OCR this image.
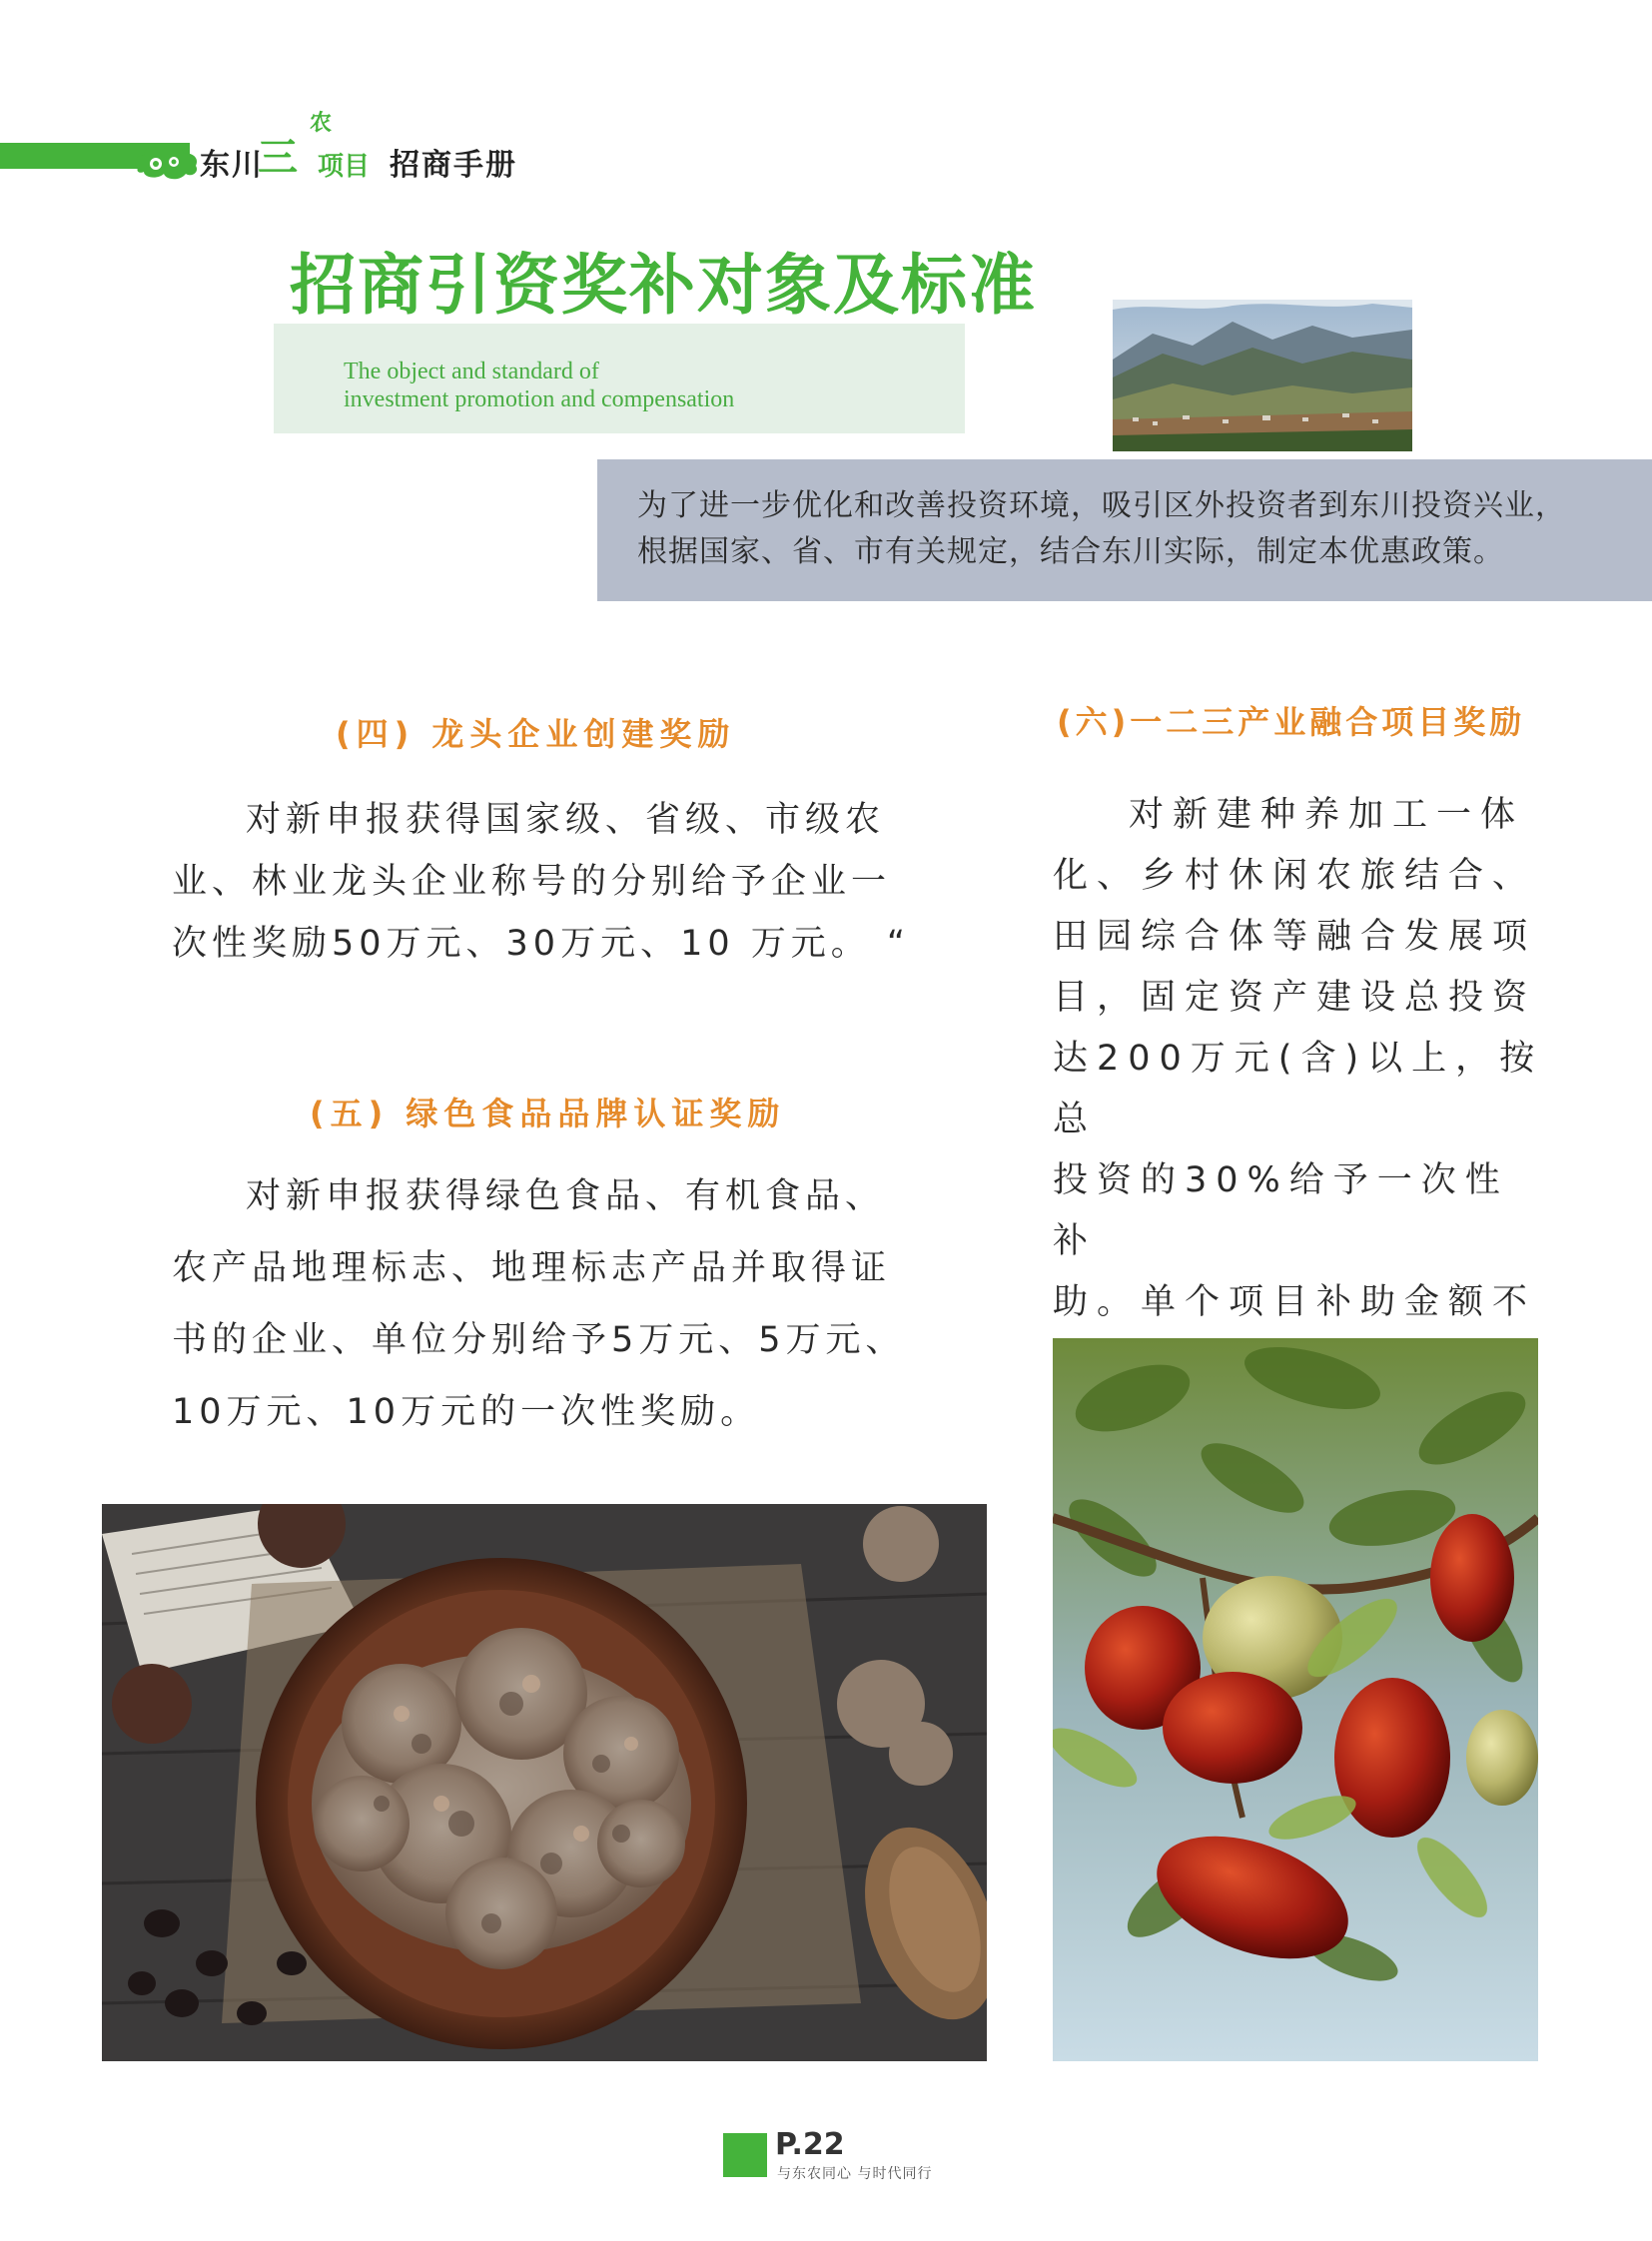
东川
三
农
项目 招商手册
招商引资奖补对象及标准
The object and standard of
investment promotion and compensation
为了进一步优化和改善投资环境，吸引区外投资者到东川投资兴业，
根据国家、省、市有关规定，结合东川实际，制定本优惠政策。
(四) 龙头企业创建奖励
对新申报获得国家级、省级、市级农
业、林业龙头企业称号的分别给予企业一
次性奖励50万元、30万元、10 万元。 “
(五) 绿色食品品牌认证奖励
对新申报获得绿色食品、有机食品、
农产品地理标志、地理标志产品并取得证
书的企业、单位分别给予5万元、5万元、
10万元、10万元的一次性奖励。
(六)一二三产业融合项目奖励
对新建种养加工一体
化、乡村休闲农旅结合、
田园综合体等融合发展项
目，固定资产建设总投资
达200万元(含)以上，按总
投资的30%给予一次性补
助。单个项目补助金额不
P.22
与东农同心 与时代同行
